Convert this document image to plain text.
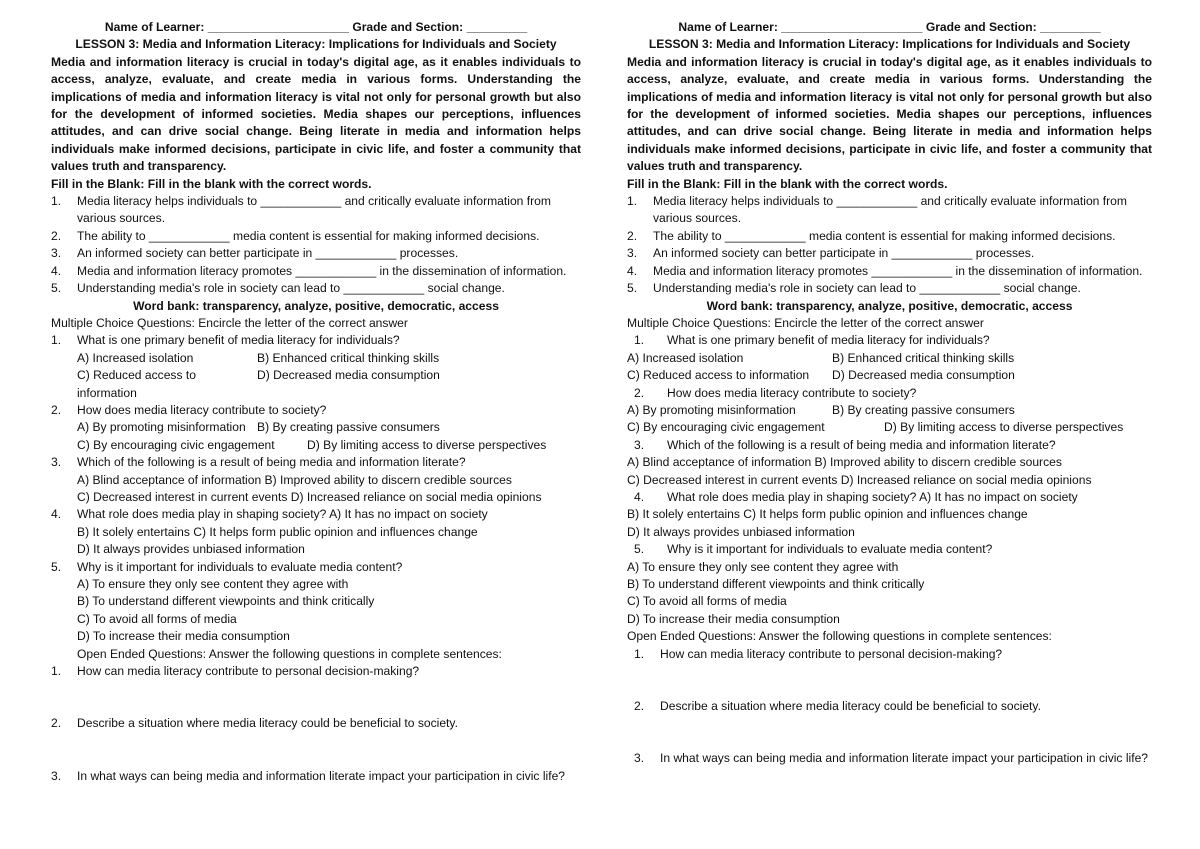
Name of Learner: _____________________ Grade and Section: _________
LESSON 3: Media and Information Literacy: Implications for Individuals and Society
Media and information literacy is crucial in today's digital age, as it enables individuals to access, analyze, evaluate, and create media in various forms. Understanding the implications of media and information literacy is vital not only for personal growth but also for the development of informed societies. Media shapes our perceptions, influences attitudes, and can drive social change. Being literate in media and information helps individuals make informed decisions, participate in civic life, and foster a community that values truth and transparency.
Fill in the Blank: Fill in the blank with the correct words.
1.	Media literacy helps individuals to ____________ and critically evaluate information from various sources.
2.	The ability to ____________ media content is essential for making informed decisions.
3.	An informed society can better participate in ____________ processes.
4.	Media and information literacy promotes ____________ in the dissemination of information.
5.	Understanding media's role in society can lead to ____________ social change.
Word bank: transparency, analyze, positive, democratic, access
Multiple Choice Questions: Encircle the letter of the correct answer
1.	What is one primary benefit of media literacy for individuals?
A) Increased isolation	B) Enhanced critical thinking skills
C) Reduced access to information
D) Decreased media consumption
2.	How does media literacy contribute to society?
A) By promoting misinformation B) By creating passive consumers
C) By encouraging civic engagement	D) By limiting access to diverse perspectives
3.	Which of the following is a result of being media and information literate?
A) Blind acceptance of information B) Improved ability to discern credible sources
C) Decreased interest in current events D) Increased reliance on social media opinions
4.	What role does media play in shaping society? A) It has no impact on society
B) It solely entertains C) It helps form public opinion and influences change
D) It always provides unbiased information
5.	Why is it important for individuals to evaluate media content?
A) To ensure they only see content they agree with
B) To understand different viewpoints and think critically
C) To avoid all forms of media
D) To increase their media consumption
Open Ended Questions: Answer the following questions in complete sentences:
1.	How can media literacy contribute to personal decision-making?
2.	Describe a situation where media literacy could be beneficial to society.
3.	In what ways can being media and information literate impact your participation in civic life?
Name of Learner: _____________________ Grade and Section: _________
LESSON 3: Media and Information Literacy: Implications for Individuals and Society
Media and information literacy is crucial in today's digital age, as it enables individuals to access, analyze, evaluate, and create media in various forms. Understanding the implications of media and information literacy is vital not only for personal growth but also for the development of informed societies. Media shapes our perceptions, influences attitudes, and can drive social change. Being literate in media and information helps individuals make informed decisions, participate in civic life, and foster a community that values truth and transparency.
Fill in the Blank: Fill in the blank with the correct words.
1.	Media literacy helps individuals to ____________ and critically evaluate information from various sources.
2.	The ability to ____________ media content is essential for making informed decisions.
3.	An informed society can better participate in ____________ processes.
4.	Media and information literacy promotes ____________ in the dissemination of information.
5.	Understanding media's role in society can lead to ____________ social change.
Word bank: transparency, analyze, positive, democratic, access
Multiple Choice Questions: Encircle the letter of the correct answer
1.	What is one primary benefit of media literacy for individuals?
A) Increased isolation	B) Enhanced critical thinking skills
C) Reduced access to information	D) Decreased media consumption
2.	How does media literacy contribute to society?
A) By promoting misinformation	B) By creating passive consumers
C) By encouraging civic engagement	D) By limiting access to diverse perspectives
3.	Which of the following is a result of being media and information literate?
A) Blind acceptance of information B) Improved ability to discern credible sources
C) Decreased interest in current events D) Increased reliance on social media opinions
4.	What role does media play in shaping society? A) It has no impact on society
B) It solely entertains C) It helps form public opinion and influences change
D) It always provides unbiased information
5.	Why is it important for individuals to evaluate media content?
A) To ensure they only see content they agree with
B) To understand different viewpoints and think critically
C) To avoid all forms of media
D) To increase their media consumption
Open Ended Questions: Answer the following questions in complete sentences:
1.	How can media literacy contribute to personal decision-making?
2.	Describe a situation where media literacy could be beneficial to society.
3.	In what ways can being media and information literate impact your participation in civic life?
